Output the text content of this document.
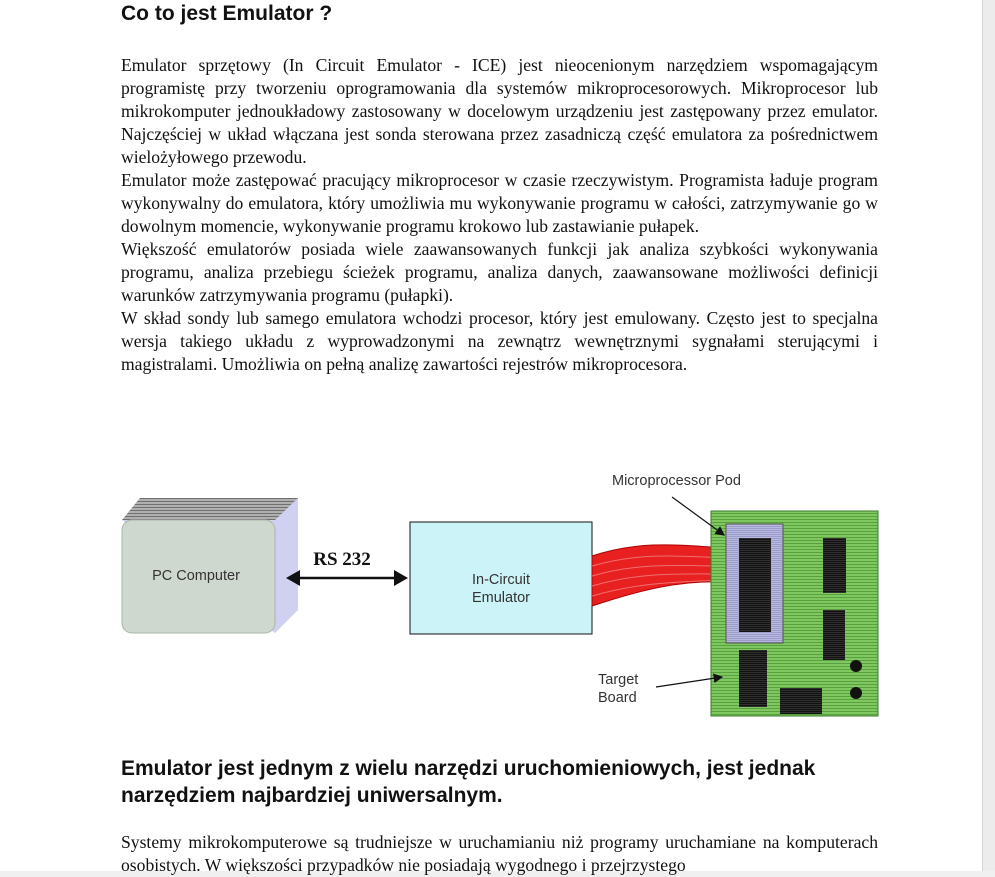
Co to jest Emulator ?

Emulator sprzętowy (In Circuit Emulator - ICE) jest nieocenionym narzędziem wspomagającym programistę przy tworzeniu oprogramowania dla systemów mikroprocesorowych. Mikroprocesor lub mikrokomputer jednoukładowy zastosowany w docelowym urządzeniu jest zastępowany przez emulator. Najczęściej w układ włączana jest sonda sterowana przez zasadniczą część emulatora za pośrednictwem wielożyłowego przewodu.

Emulator może zastępować pracujący mikroprocesor w czasie rzeczywistym. Programista ładuje program wykonywalny do emulatora, który umożliwia mu wykonywanie programu w całości, zatrzymywanie go w dowolnym momencie, wykonywanie programu krokowo lub zastawianie pułapek.

Większość emulatorów posiada wiele zaawansowanych funkcji jak analiza szybkości wykonywania programu, analiza przebiegu ścieżek programu, analiza danych, zaawansowane możliwości definicji warunków zatrzymywania programu (pułapki).

W skład sondy lub samego emulatora wchodzi procesor, który jest emulowany. Często jest to specjalna wersja takiego układu z wyprowadzonymi na zewnątrz wewnętrznymi sygnałami sterującymi i magistralami. Umożliwia on pełną analizę zawartości rejestrów mikroprocesora.

PC Computer
RS 232
In-Circuit
Emulator
Microprocessor Pod
Target
Board
Emulator jest jednym z wielu narzędzi uruchomieniowych, jest jednak narzędziem najbardziej uniwersalnym.

Systemy mikrokomputerowe są trudniejsze w uruchamianiu niż programy uruchamiane na komputerach osobistych. W większości przypadków nie posiadają wygodnego i przejrzystego
